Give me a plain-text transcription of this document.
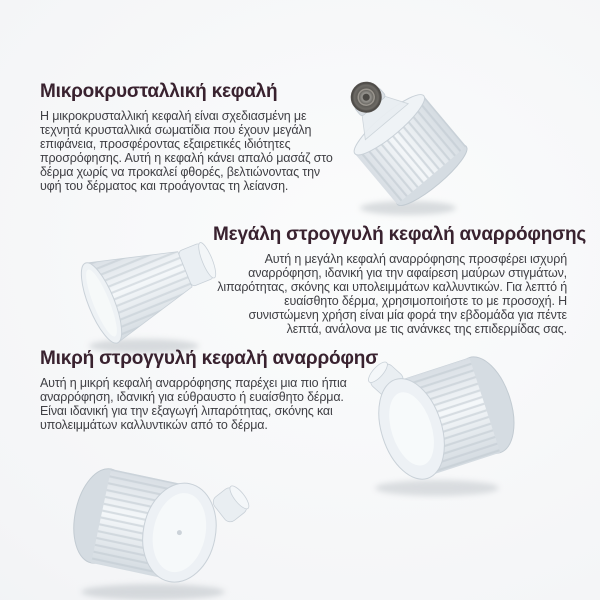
Μικροκρυσταλλική κεφαλή

Η μικροκρυσταλλική κεφαλή είναι σχεδιασμένη με τεχνητά κρυσταλλικά σωματίδια που έχουν μεγάλη επιφάνεια, προσφέροντας εξαιρετικές ιδιότητες προσρόφησης. Αυτή η κεφαλή κάνει απαλό μασάζ στο δέρμα χωρίς να προκαλεί φθορές, βελτιώνοντας την υφή του δέρματος και προάγοντας τη λείανση.

Μεγάλη στρογγυλή κεφαλή αναρρόφησης

Αυτή η μεγάλη κεφαλή αναρρόφησης προσφέρει ισχυρή αναρρόφηση, ιδανική για την αφαίρεση μαύρων στιγμάτων, λιπαρότητας, σκόνης και υπολειμμάτων καλλυντικών. Για λεπτό ή ευαίσθητο δέρμα, χρησιμοποιήστε το με προσοχή. Η συνιστώμενη χρήση είναι μία φορά την εβδομάδα για πέντε λεπτά, ανάλονα με τις ανάνκες της επιδερμίδας σας.

Μικρή στρογγυλή κεφαλή αναρρόφησ

Αυτή η μικρή κεφαλή αναρρόφησης παρέχει μια πιο ήπια αναρρόφηση, ιδανική για εύθραυστο ή ευαίσθητο δέρμα. Είναι ιδανική για την εξαγωγή λιπαρότητας, σκόνης και υπολειμμάτων καλλυντικών από το δέρμα.
